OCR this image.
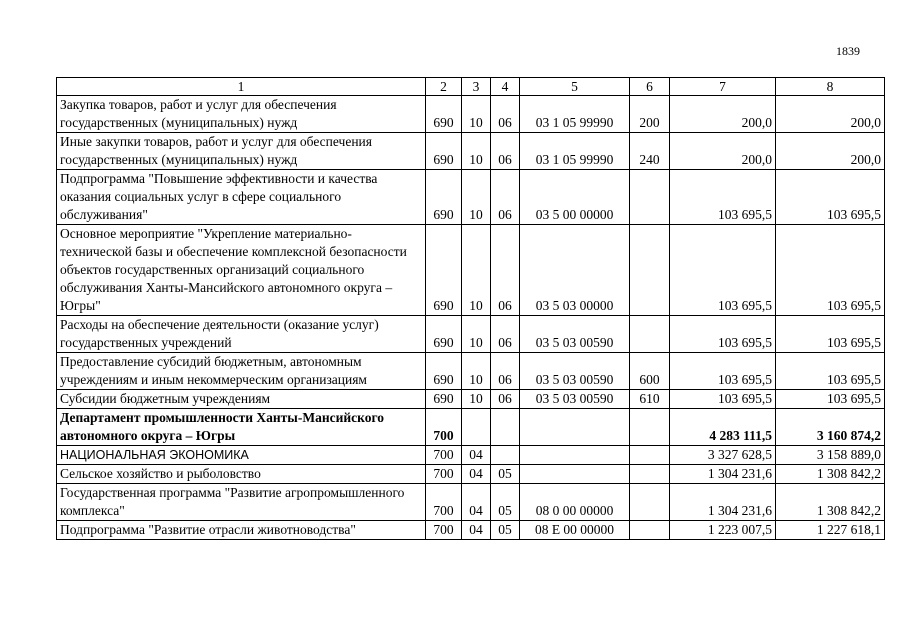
1839
1	2	3	4	5	6	7	8
Закупка товаров, работ и услуг для обеспечения государственных (муниципальных) нужд	690	10	06	03 1 05 99990	200	200,0	200,0
Иные закупки товаров, работ и услуг для обеспечения государственных (муниципальных) нужд	690	10	06	03 1 05 99990	240	200,0	200,0
Подпрограмма "Повышение эффективности и качества оказания социальных услуг в сфере социального обслуживания"	690	10	06	03 5 00 00000		103 695,5	103 695,5
Основное мероприятие "Укрепление материально-технической базы и обеспечение комплексной безопасности объектов государственных организаций социального обслуживания Ханты-Мансийского автономного округа – Югры"	690	10	06	03 5 03 00000		103 695,5	103 695,5
Расходы на обеспечение деятельности (оказание услуг) государственных учреждений	690	10	06	03 5 03 00590		103 695,5	103 695,5
Предоставление субсидий бюджетным, автономным учреждениям и иным некоммерческим организациям	690	10	06	03 5 03 00590	600	103 695,5	103 695,5
Субсидии бюджетным учреждениям	690	10	06	03 5 03 00590	610	103 695,5	103 695,5
Департамент промышленности Ханты-Мансийского автономного округа – Югры	700					4 283 111,5	3 160 874,2
НАЦИОНАЛЬНАЯ ЭКОНОМИКА	700	04				3 327 628,5	3 158 889,0
Сельское хозяйство и рыболовство	700	04	05			1 304 231,6	1 308 842,2
Государственная программа "Развитие агропромышленного комплекса"	700	04	05	08 0 00 00000		1 304 231,6	1 308 842,2
Подпрограмма "Развитие отрасли животноводства"	700	04	05	08 Е 00 00000		1 223 007,5	1 227 618,1
